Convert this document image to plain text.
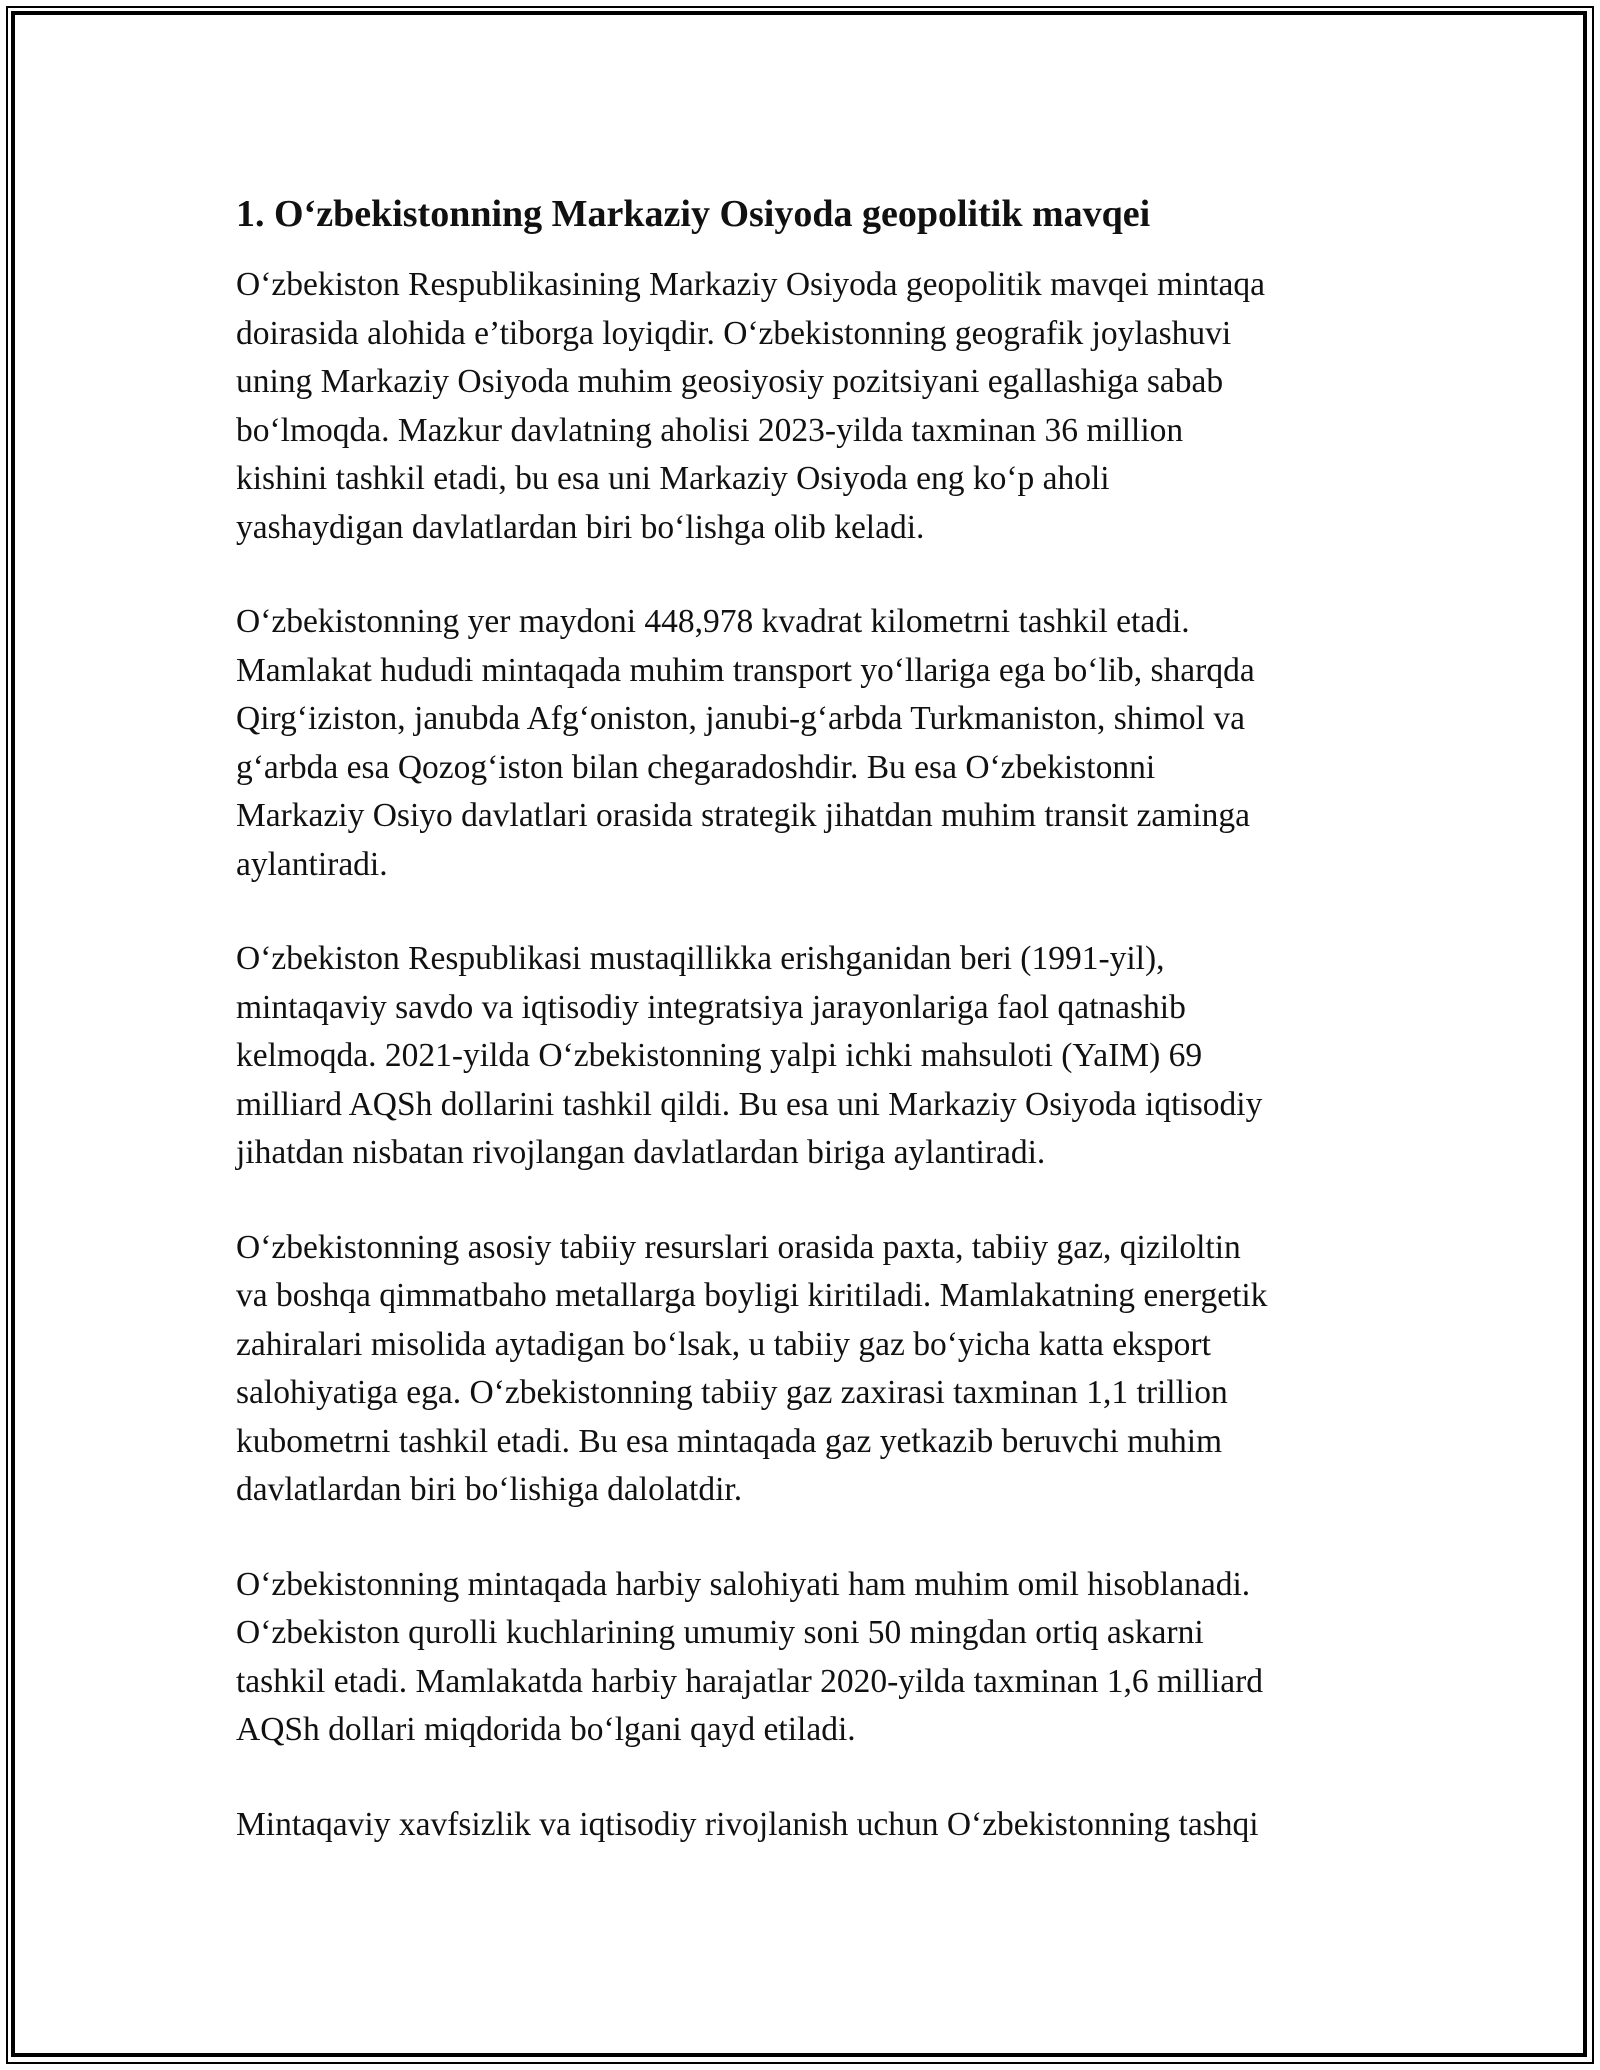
1. O‘zbekistonning Markaziy Osiyoda geopolitik mavqei

O‘zbekiston Respublikasining Markaziy Osiyoda geopolitik mavqei mintaqa
doirasida alohida e’tiborga loyiqdir. O‘zbekistonning geografik joylashuvi
uning Markaziy Osiyoda muhim geosiyosiy pozitsiyani egallashiga sabab
bo‘lmoqda. Mazkur davlatning aholisi 2023-yilda taxminan 36 million
kishini tashkil etadi, bu esa uni Markaziy Osiyoda eng ko‘p aholi
yashaydigan davlatlardan biri bo‘lishga olib keladi.

O‘zbekistonning yer maydoni 448,978 kvadrat kilometrni tashkil etadi.
Mamlakat hududi mintaqada muhim transport yo‘llariga ega bo‘lib, sharqda
Qirg‘iziston, janubda Afg‘oniston, janubi-g‘arbda Turkmaniston, shimol va
g‘arbda esa Qozog‘iston bilan chegaradoshdir. Bu esa O‘zbekistonni
Markaziy Osiyo davlatlari orasida strategik jihatdan muhim transit zaminga
aylantiradi.

O‘zbekiston Respublikasi mustaqillikka erishganidan beri (1991-yil),
mintaqaviy savdo va iqtisodiy integratsiya jarayonlariga faol qatnashib
kelmoqda. 2021-yilda O‘zbekistonning yalpi ichki mahsuloti (YaIM) 69
milliard AQSh dollarini tashkil qildi. Bu esa uni Markaziy Osiyoda iqtisodiy
jihatdan nisbatan rivojlangan davlatlardan biriga aylantiradi.

O‘zbekistonning asosiy tabiiy resurslari orasida paxta, tabiiy gaz, qiziloltin
va boshqa qimmatbaho metallarga boyligi kiritiladi. Mamlakatning energetik
zahiralari misolida aytadigan bo‘lsak, u tabiiy gaz bo‘yicha katta eksport
salohiyatiga ega. O‘zbekistonning tabiiy gaz zaxirasi taxminan 1,1 trillion
kubometrni tashkil etadi. Bu esa mintaqada gaz yetkazib beruvchi muhim
davlatlardan biri bo‘lishiga dalolatdir.

O‘zbekistonning mintaqada harbiy salohiyati ham muhim omil hisoblanadi.
O‘zbekiston qurolli kuchlarining umumiy soni 50 mingdan ortiq askarni
tashkil etadi. Mamlakatda harbiy harajatlar 2020-yilda taxminan 1,6 milliard
AQSh dollari miqdorida bo‘lgani qayd etiladi.

Mintaqaviy xavfsizlik va iqtisodiy rivojlanish uchun O‘zbekistonning tashqi
